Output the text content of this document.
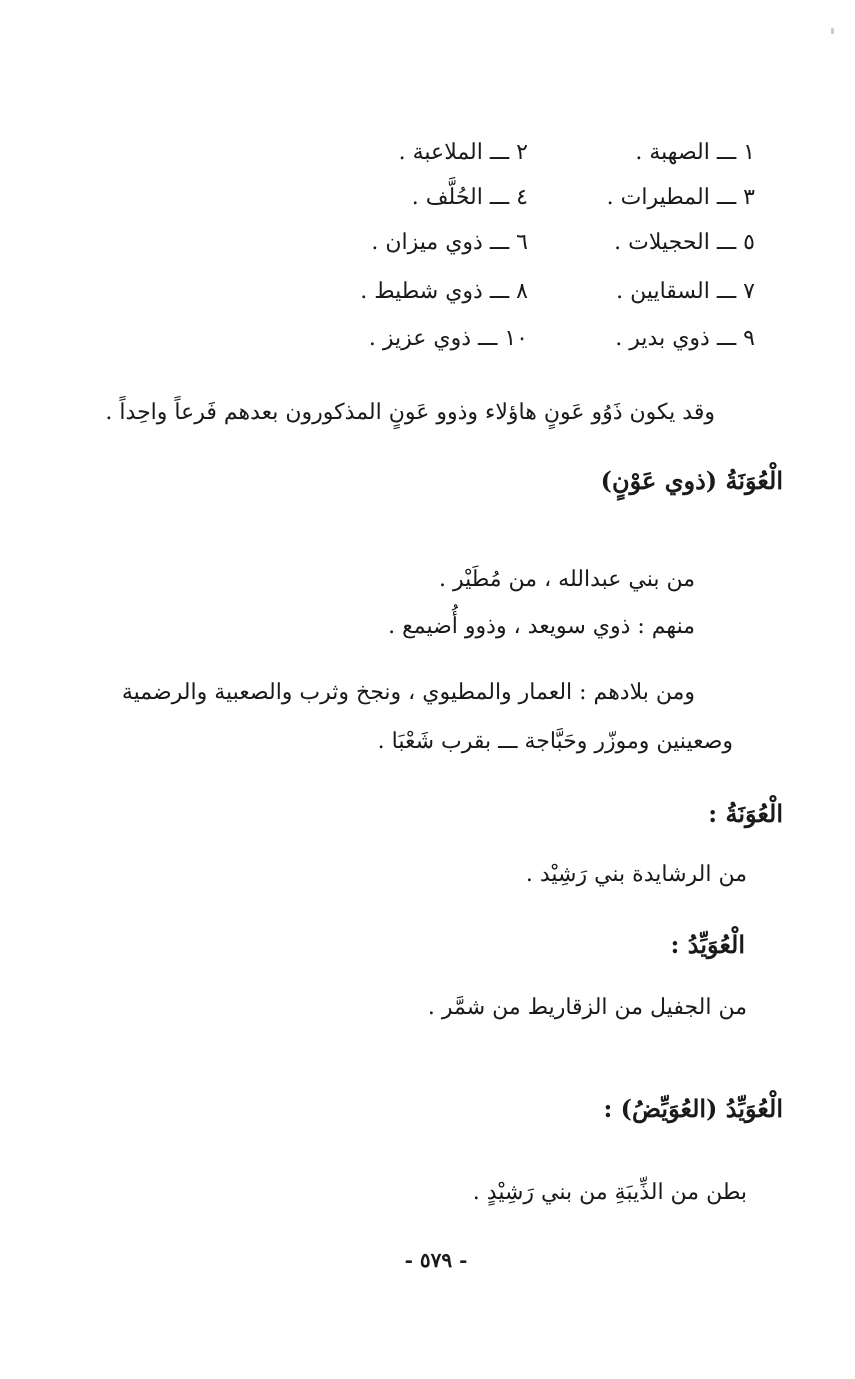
١ ـــ الصهبة .
٣ ـــ المطيرات .
٥ ـــ الحجيلات .
٧ ـــ السقايين .
٩ ـــ ذوي بدير .
٢ ـــ الملاعبة .
٤ ـــ الحُلَّف .
٦ ـــ ذوي ميزان .
٨ ـــ ذوي شطيط .
١٠ ـــ ذوي عزيز .
وقد يكون ذَوُو عَونٍ هاؤلاء وذوو عَونٍ المذكورون بعدهم فَرعاً واحِداً .
الْعُوَنَةُ (ذوي عَوْنٍ)
من بني عبدالله ، من مُطَيْر .
منهم : ذوي سويعد ، وذوو أُضيمع .
ومن بلادهم : العمار والمطيوي ، ونجخ وثرب والصعبية والرضمية
وصعينين وموزّر وحَبَّاجة ـــ بقرب شَعْبَا .
الْعُوَنَةُ :
من الرشايدة بني رَشِيْد .
الْعُوَيِّدُ :
من الجفيل من الزقاريط من شمَّر .
الْعُوَيِّدُ (العُوَيِّضُ) :
بطن من الذِّيبَةِ من بني رَشِيْدٍ .
- ٥٧٩ -
